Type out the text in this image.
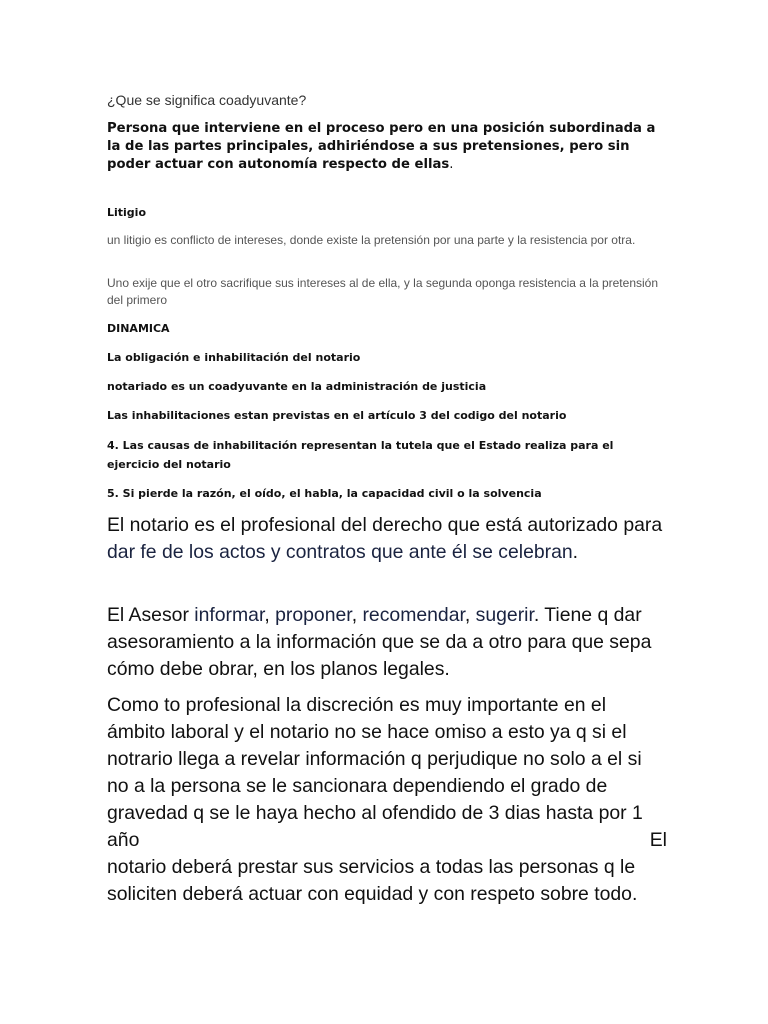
¿Que se significa coadyuvante?
Persona que interviene en el proceso pero en una posición subordinada a la de las partes principales, adhiriéndose a sus pretensiones, pero sin poder actuar con autonomía respecto de ellas.
Litigio
un litigio es conflicto de intereses, donde existe la pretensión por una parte y la resistencia por otra.
Uno exije que el otro sacrifique sus intereses al de ella, y la segunda oponga resistencia a la pretensión del primero
DINAMICA
La obligación e inhabilitación del notario
notariado es un coadyuvante en la administración de justicia
Las inhabilitaciones estan previstas en el artículo 3 del codigo del notario
4. Las causas de inhabilitación representan la tutela que el Estado realiza para el ejercicio del notario
5. Si pierde la razón, el oído, el habla, la capacidad civil o la solvencia
El notario es el profesional del derecho que está autorizado para dar fe de los actos y contratos que ante él se celebran.
El Asesor informar, proponer, recomendar, sugerir. Tiene q dar asesoramiento a la información que se da a otro para que sepa cómo debe obrar, en los planos legales.
Como to profesional la discreción es muy importante en el ámbito laboral y el notario no se hace omiso a esto ya q si el notrario llega a revelar información q perjudique no solo a el si no a la persona se le sancionara dependiendo el grado de gravedad q se le haya hecho al ofendido de 3 dias hasta por 1 año	El

notario deberá prestar sus servicios a todas las personas q le soliciten deberá actuar con equidad y con respeto sobre todo.
